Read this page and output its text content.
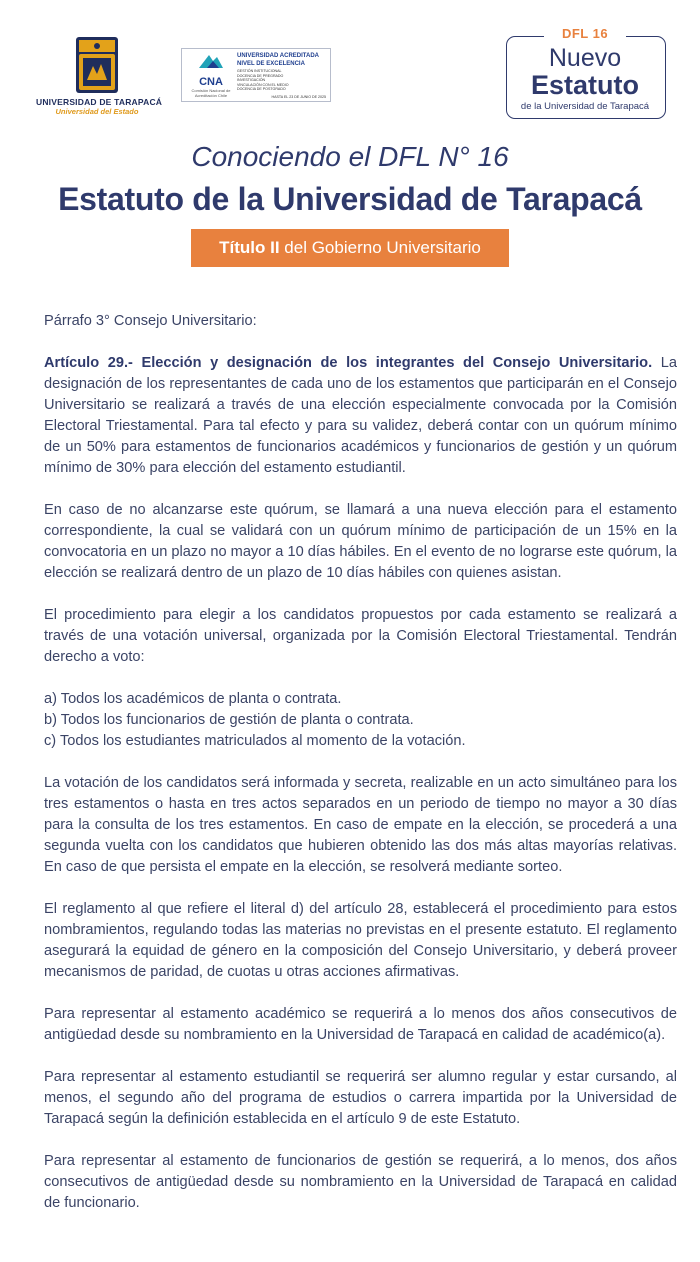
UNIVERSIDAD DE TARAPACÁ
Universidad del Estado
CNA
Comisión Nacional de Acreditación Chile
UNIVERSIDAD ACREDITADA
NIVEL DE EXCELENCIA
GESTIÓN INSTITUCIONAL
DOCENCIA DE PREGRADO
INVESTIGACIÓN
VINCULACIÓN CON EL MEDIO
DOCENCIA DE POSTGRADO
HASTA EL 23 DE JUNIO DE 2025
DFL 16
Nuevo
Estatuto
de la Universidad de Tarapacá
Conociendo el DFL N° 16
Estatuto de la Universidad de Tarapacá
Título II del Gobierno Universitario

Párrafo 3° Consejo Universitario:

Artículo 29.- Elección y designación de los integrantes del Consejo Universitario. La designación de los representantes de cada uno de los estamentos que participarán en el Consejo Universitario se realizará a través de una elección especialmente convocada por la Comisión Electoral Triestamental. Para tal efecto y para su validez, deberá contar con un quórum mínimo de un 50% para estamentos de funcionarios académicos y funcionarios de gestión y un quórum mínimo de 30% para elección del estamento estudiantil.

En caso de no alcanzarse este quórum, se llamará a una nueva elección para el estamento correspondiente, la cual se validará con un quórum mínimo de participación de un 15% en la convocatoria en un plazo no mayor a 10 días hábiles. En el evento de no lograrse este quórum, la elección se realizará dentro de un plazo de 10 días hábiles con quienes asistan.

El procedimiento para elegir a los candidatos propuestos por cada estamento se realizará a través de una votación universal, organizada por la Comisión Electoral Triestamental. Tendrán derecho a voto:

a) Todos los académicos de planta o contrata.

b) Todos los funcionarios de gestión de planta o contrata.

c) Todos los estudiantes matriculados al momento de la votación.

La votación de los candidatos será informada y secreta, realizable en un acto simultáneo para los tres estamentos o hasta en tres actos separados en un periodo de tiempo no mayor a 30 días para la consulta de los tres estamentos. En caso de empate en la elección, se procederá a una segunda vuelta con los candidatos que hubieren obtenido las dos más altas mayorías relativas. En caso de que persista el empate en la elección, se resolverá mediante sorteo.

El reglamento al que refiere el literal d) del artículo 28, establecerá el procedimiento para estos nombramientos, regulando todas las materias no previstas en el presente estatuto. El reglamento asegurará la equidad de género en la composición del Consejo Universitario, y deberá proveer mecanismos de paridad, de cuotas u otras acciones afirmativas.

Para representar al estamento académico se requerirá a lo menos dos años consecutivos de antigüedad desde su nombramiento en la Universidad de Tarapacá en calidad de académico(a).

Para representar al estamento estudiantil se requerirá ser alumno regular y estar cursando, al menos, el segundo año del programa de estudios o carrera impartida por la Universidad de Tarapacá según la definición establecida en el artículo 9 de este Estatuto.

Para representar al estamento de funcionarios de gestión se requerirá, a lo menos, dos años consecutivos de antigüedad desde su nombramiento en la Universidad de Tarapacá en calidad de funcionario.
